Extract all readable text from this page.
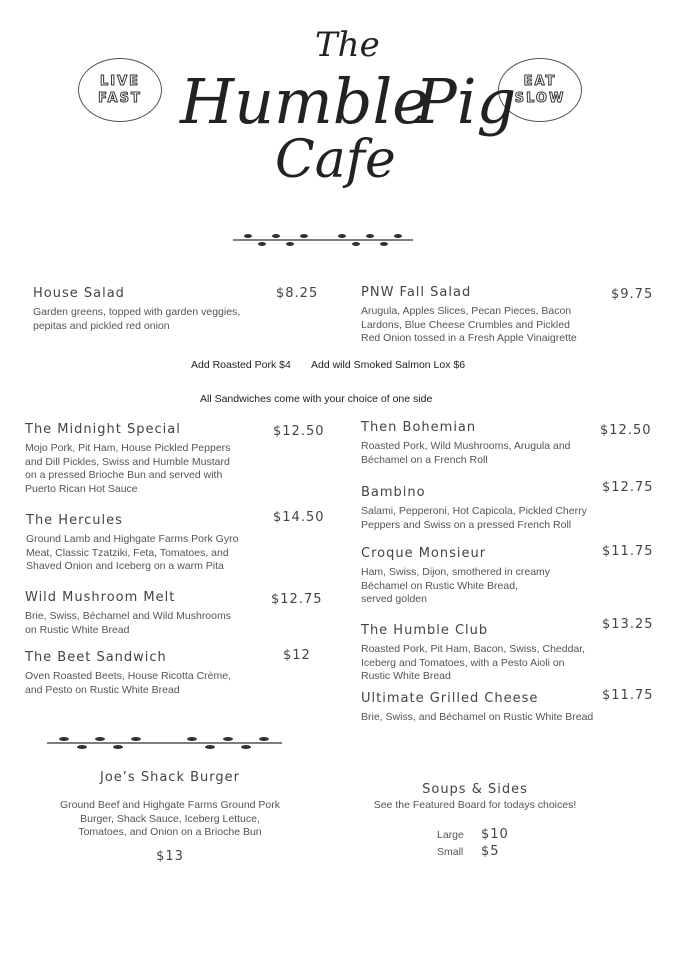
LIVE
FAST
EAT
SLOW
The
Humble
Pig
Cafe
House Salad	$8.25
Garden greens, topped with garden veggies,
pepitas and pickled red onion
PNW Fall Salad	$9.75
Arugula, Apples Slices, Pecan Pieces, Bacon
Lardons, Blue Cheese Crumbles and Pickled
Red Onion tossed in a Fresh Apple Vinaigrette
The Midnight Special	$12.50
Mojo Pork, Pit Ham, House Pickled Peppers
and Dill Pickles, Swiss and Humble Mustard
on a pressed Brioche Bun and served with
Puerto Rican Hot Sauce
The Hercules	$14.50
Ground Lamb and Highgate Farms Pork Gyro
Meat, Classic Tzatziki, Feta, Tomatoes, and
Shaved Onion and Iceberg on a warm Pita
Wild Mushroom Melt	$12.75
Brie, Swiss, Béchamel and Wild Mushrooms
on Rustic White Bread
The Beet Sandwich	$12
Oven Roasted Beets, House Ricotta Crème,
and Pesto on Rustic White Bread
Then Bohemian	$12.50
Roasted Pork, Wild Mushrooms, Arugula and
Béchamel on a French Roll
Bambino	$12.75
Salami, Pepperoni, Hot Capicola, Pickled Cherry
Peppers and Swiss on a pressed French Roll
Croque Monsieur	$11.75
Ham, Swiss, Dijon, smothered in creamy
Béchamel on Rustic White Bread,
served golden
The Humble Club	$13.25
Roasted Pork, Pit Ham, Bacon, Swiss, Cheddar,
Iceberg and Tomatoes, with a Pesto Aioli on
Rustic White Bread
Ultimate Grilled Cheese	$11.75
Brie, Swiss, and Béchamel on Rustic White Bread
Add Roasted Pork $4 Add wild Smoked Salmon Lox $6
All Sandwiches come with your choice of one side
Joe’s Shack Burger
Ground Beef and Highgate Farms Ground Pork
Burger, Shack Sauce, Iceberg Lettuce,
Tomatoes, and Onion on a Brioche Bun
$13
Soups & Sides
See the Featured Board for todays choices!
Large $10
Small $5
